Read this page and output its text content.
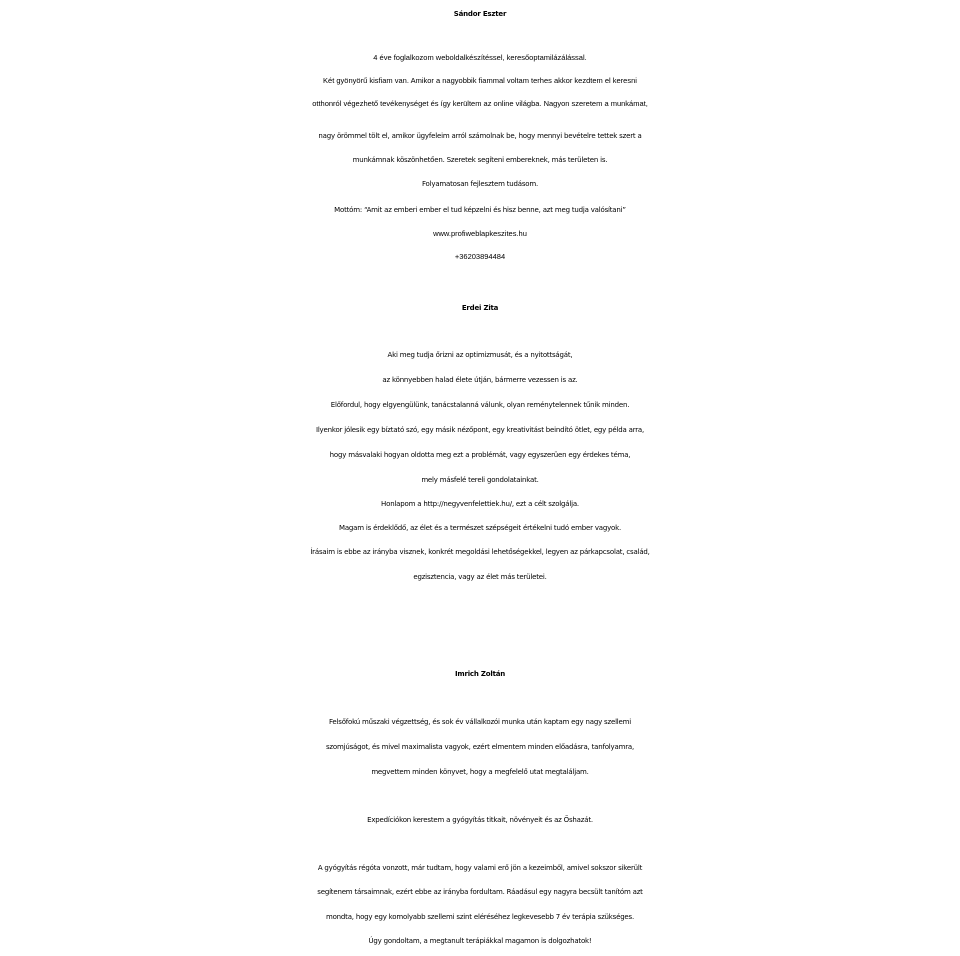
Sándor Eszter
4 éve foglalkozom weboldalkészítéssel, keresőoptamilázálással.
Két gyönyörű kisfiam van. Amikor a nagyobbik fiammal voltam terhes akkor kezdtem el keresni
otthonról végezhető tevékenységet és így kerültem az online világba. Nagyon szeretem a munkámat,
nagy örömmel tölt el, amikor ügyfeleim arról számolnak be, hogy mennyi bevételre tettek szert a
munkámnak köszönhetően. Szeretek segíteni embereknek, más területen is.
Folyamatosan fejlesztem tudásom.
Mottóm: “Amit az emberi ember el tud képzelni és hisz benne, azt meg tudja valósítani”
www.profiweblapkeszites.hu
+36203894484
Erdei Zita
Aki meg tudja őrizni az optimizmusát, és a nyitottságát,
az könnyebben halad élete útján, bármerre vezessen is az.
Előfordul, hogy elgyengülünk, tanácstalanná válunk, olyan reménytelennek tűnik minden.
Ilyenkor jólesik egy bíztató szó, egy másik nézőpont, egy kreativitást beindító ötlet, egy példa arra,
hogy másvalaki hogyan oldotta meg ezt a problémát, vagy egyszerüen egy érdekes téma,
mely másfelé tereli gondolatainkat.
Honlapom a http://negyvenfelettiek.hu/, ezt a célt szolgálja.
Magam is érdeklődő, az élet és a természet szépségeit értékelni tudó ember vagyok.
Írásaim is ebbe az irányba visznek, konkrét megoldási lehetőségekkel, legyen az párkapcsolat, család,
egzisztencia, vagy az élet más területei.
Imrich Zoltán
Felsőfokú műszaki végzettség, és sok év vállalkozói munka után kaptam egy nagy szellemi
szomjúságot, és mivel maximalista vagyok, ezért elmentem minden előadásra, tanfolyamra,
megvettem minden könyvet, hogy a megfelelő utat megtaláljam.
Expedíciókon kerestem a gyógyítás titkait, növényeit és az Őshazát.
A gyógyítás régóta vonzott, már tudtam, hogy valami erő jön a kezeimből, amivel sokszor sikerült
segítenem társaimnak, ezért ebbe az irányba fordultam. Ráadásul egy nagyra becsült tanítóm azt
mondta, hogy egy komolyabb szellemi szint eléréséhez legkevesebb 7 év terápia szükséges.
Úgy gondoltam, a megtanult terápiákkal magamon is dolgozhatok!
